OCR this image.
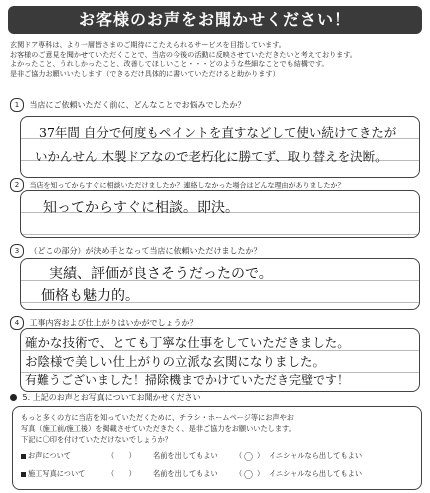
お客様のお声をお聞かせください！
玄関ドア専科は、より一層皆さまのご期待にこたえられるサービスを目指しています。
お客様のご意見を聞かせていただくことで、当店の今後の活動に反映させていただきたいと考えております。
よかったこと、うれしかったこと、改善してほしいこと・・・どのような些細なことでも結構です。
是非ご協力お願いいたします（できるだけ具体的に書いていただけると助かります）
1 当店にご依頼いただく前に、どんなことでお悩みでしたか？
37年間 自分で何度もペイントを直すなどして使い続けてきたが
いかんせん 木製ドアなので老朽化に勝てず、取り替えを決断。
2 当店を知ってからすぐに相談いただけましたか？連絡しなかった場合はどんな理由がありましたか？
知ってからすぐに相談。即決。
3 （どこの部分）が決め手となって当店に依頼いただけましたか？
実績、評価が良さそうだったので。
価格も魅力的。
4 工事内容および仕上がりはいかがでしょうか？
確かな技術で、とても丁寧な仕事をしていただきました。
お陰様で美しい仕上がりの立派な玄関になりました。
有難うございました！掃除機までかけていただき完璧です！
5. 上記のお声とお写真についてお聞かせください
もっと多くの方に当店を知っていただくために、チラシ・ホームページ等にお声やお
写真（施工前/施工後）を掲載させていただきたく、是非ご協力をお願いいたします。
下記に〇印を付けていただけないでしょうか？
お声について	（　　） 名前を出してもよい （ 〇 ） イニシャルなら出してもよい
施工写真について	（　　） 名前を出してもよい （ 〇 ） イニシャルなら出してもよい
